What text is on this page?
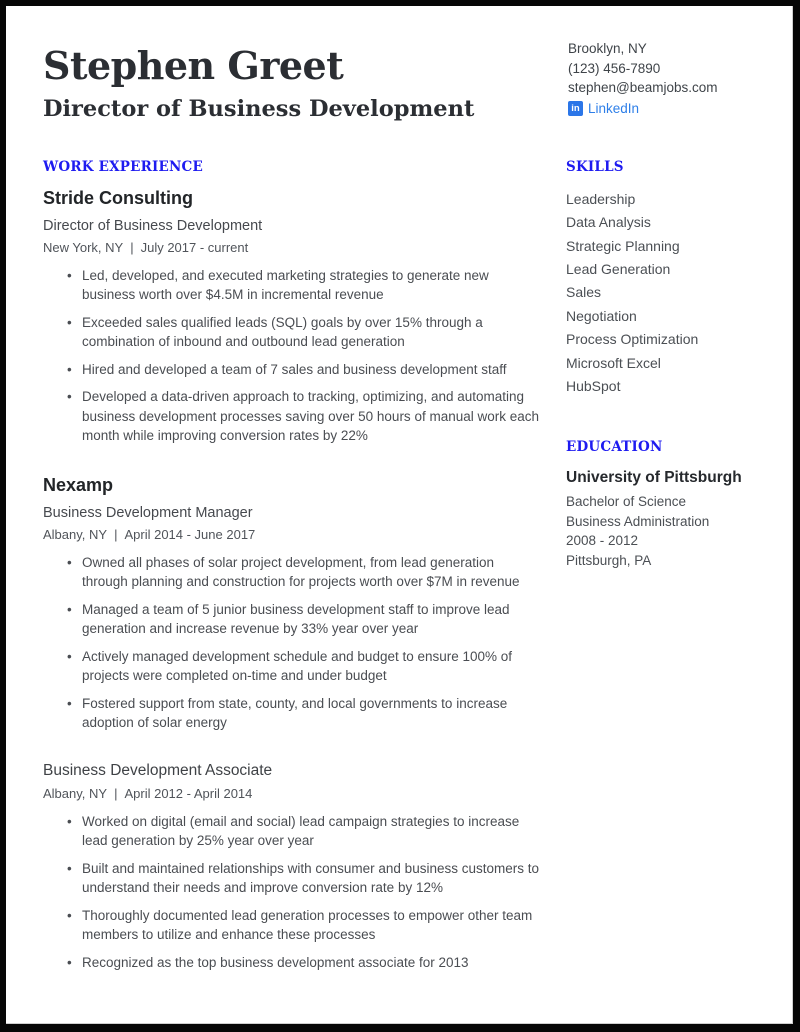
Stephen Greet
Director of Business Development
Brooklyn, NY
(123) 456-7890
stephen@beamjobs.com
in LinkedIn
WORK EXPERIENCE
Stride Consulting
Director of Business Development
New York, NY | July 2017 - current
• Led, developed, and executed marketing strategies to generate new business worth over $4.5M in incremental revenue
• Exceeded sales qualified leads (SQL) goals by over 15% through a combination of inbound and outbound lead generation
• Hired and developed a team of 7 sales and business development staff
• Developed a data-driven approach to tracking, optimizing, and automating business development processes saving over 50 hours of manual work each month while improving conversion rates by 22%
Nexamp
Business Development Manager
Albany, NY | April 2014 - June 2017
• Owned all phases of solar project development, from lead generation through planning and construction for projects worth over $7M in revenue
• Managed a team of 5 junior business development staff to improve lead generation and increase revenue by 33% year over year
• Actively managed development schedule and budget to ensure 100% of projects were completed on-time and under budget
• Fostered support from state, county, and local governments to increase adoption of solar energy
Business Development Associate
Albany, NY | April 2012 - April 2014
• Worked on digital (email and social) lead campaign strategies to increase lead generation by 25% year over year
• Built and maintained relationships with consumer and business customers to understand their needs and improve conversion rate by 12%
• Thoroughly documented lead generation processes to empower other team members to utilize and enhance these processes
• Recognized as the top business development associate for 2013
SKILLS
Leadership
Data Analysis
Strategic Planning
Lead Generation
Sales
Negotiation
Process Optimization
Microsoft Excel
HubSpot
EDUCATION
University of Pittsburgh
Bachelor of Science
Business Administration
2008 - 2012
Pittsburgh, PA
